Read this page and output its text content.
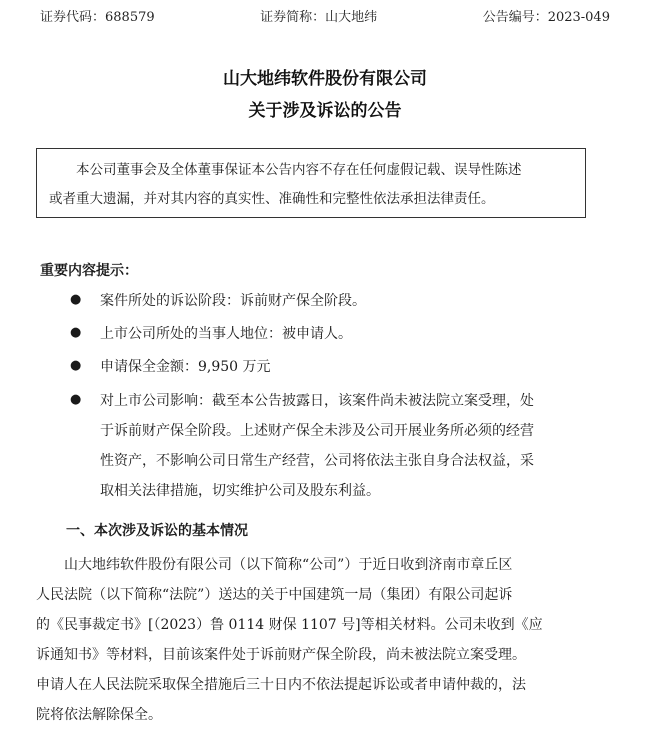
证券代码：688579	证券简称：山大地纬	公告编号：2023-049
山大地纬软件股份有限公司
关于涉及诉讼的公告

本公司董事会及全体董事保证本公告内容不存在任何虚假记载、误导性陈述

或者重大遗漏，并对其内容的真实性、准确性和完整性依法承担法律责任。

重要内容提示：
●	案件所处的诉讼阶段：诉前财产保全阶段。
●	上市公司所处的当事人地位：被申请人。
●	申请保全金额：9,950 万元
●	对上市公司影响：截至本公告披露日，该案件尚未被法院立案受理，处
于诉前财产保全阶段。上述财产保全未涉及公司开展业务所必须的经营
性资产，不影响公司日常生产经营，公司将依法主张自身合法权益，采
取相关法律措施，切实维护公司及股东利益。
一、本次涉及诉讼的基本情况

山大地纬软件股份有限公司（以下简称“公司”）于近日收到济南市章丘区

人民法院（以下简称“法院”）送达的关于中国建筑一局（集团）有限公司起诉
的《民事裁定书》[（2023）鲁 0114 财保 1107 号]等相关材料。公司未收到《应
诉通知书》等材料，目前该案件处于诉前财产保全阶段，尚未被法院立案受理。
申请人在人民法院采取保全措施后三十日内不依法提起诉讼或者申请仲裁的，法
院将依法解除保全。
